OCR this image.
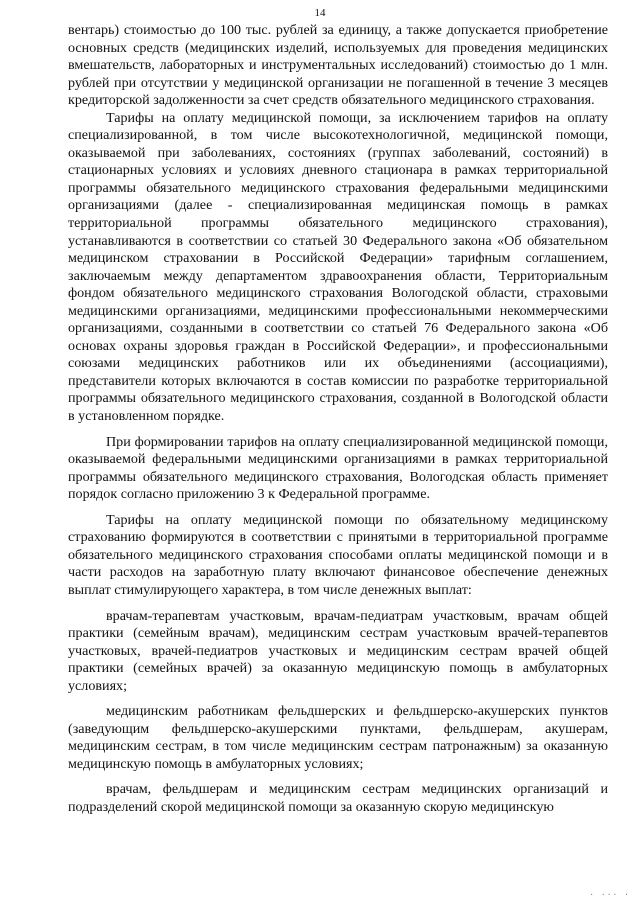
14

вентарь) стоимостью до 100 тыс. рублей за единицу, а также допускается приобретение основных средств (медицинских изделий, используемых для проведения медицинских вмешательств, лабораторных и инструментальных исследований) стоимостью до 1 млн. рублей при отсутствии у медицинской организации не погашенной в течение 3 месяцев кредиторской задолженности за счет средств обязательного медицинского страхования.

Тарифы на оплату медицинской помощи, за исключением тарифов на оплату специализированной, в том числе высокотехнологичной, медицинской помощи, оказываемой при заболеваниях, состояниях (группах заболеваний, состояний) в стационарных условиях и условиях дневного стационара в рамках территориальной программы обязательного медицинского страхования федеральными медицинскими организациями (далее - специализированная медицинская помощь в рамках территориальной программы обязательного медицинского страхования), устанавливаются в соответствии со статьей 30 Федерального закона «Об обязательном медицинском страховании в Российской Федерации» тарифным соглашением, заключаемым между департаментом здравоохранения области, Территориальным фондом обязательного медицинского страхования Вологодской области, страховыми медицинскими организациями, медицинскими профессиональными некоммерческими организациями, созданными в соответствии со статьей 76 Федерального закона «Об основах охраны здоровья граждан в Российской Федерации», и профессиональными союзами медицинских работников или их объединениями (ассоциациями), представители которых включаются в состав комиссии по разработке территориальной программы обязательного медицинского страхования, созданной в Вологодской области в установленном порядке.

При формировании тарифов на оплату специализированной медицинской помощи, оказываемой федеральными медицинскими организациями в рамках территориальной программы обязательного медицинского страхования, Вологодская область применяет порядок согласно приложению 3 к Федеральной программе.

Тарифы на оплату медицинской помощи по обязательному медицинскому страхованию формируются в соответствии с принятыми в территориальной программе обязательного медицинского страхования способами оплаты медицинской помощи и в части расходов на заработную плату включают финансовое обеспечение денежных выплат стимулирующего характера, в том числе денежных выплат:

врачам-терапевтам участковым, врачам-педиатрам участковым, врачам общей практики (семейным врачам), медицинским сестрам участковым врачей-терапевтов участковых, врачей-педиатров участковых и медицинским сестрам врачей общей практики (семейных врачей) за оказанную медицинскую помощь в амбулаторных условиях;

медицинским работникам фельдшерских и фельдшерско-акушерских пунктов (заведующим фельдшерско-акушерскими пунктами, фельдшерам, акушерам, медицинским сестрам, в том числе медицинским сестрам патронажным) за оказанную медицинскую помощь в амбулаторных условиях;

врачам, фельдшерам и медицинским сестрам медицинских организаций и подразделений скорой медицинской помощи за оказанную скорую медицинскую

· ··· ·
